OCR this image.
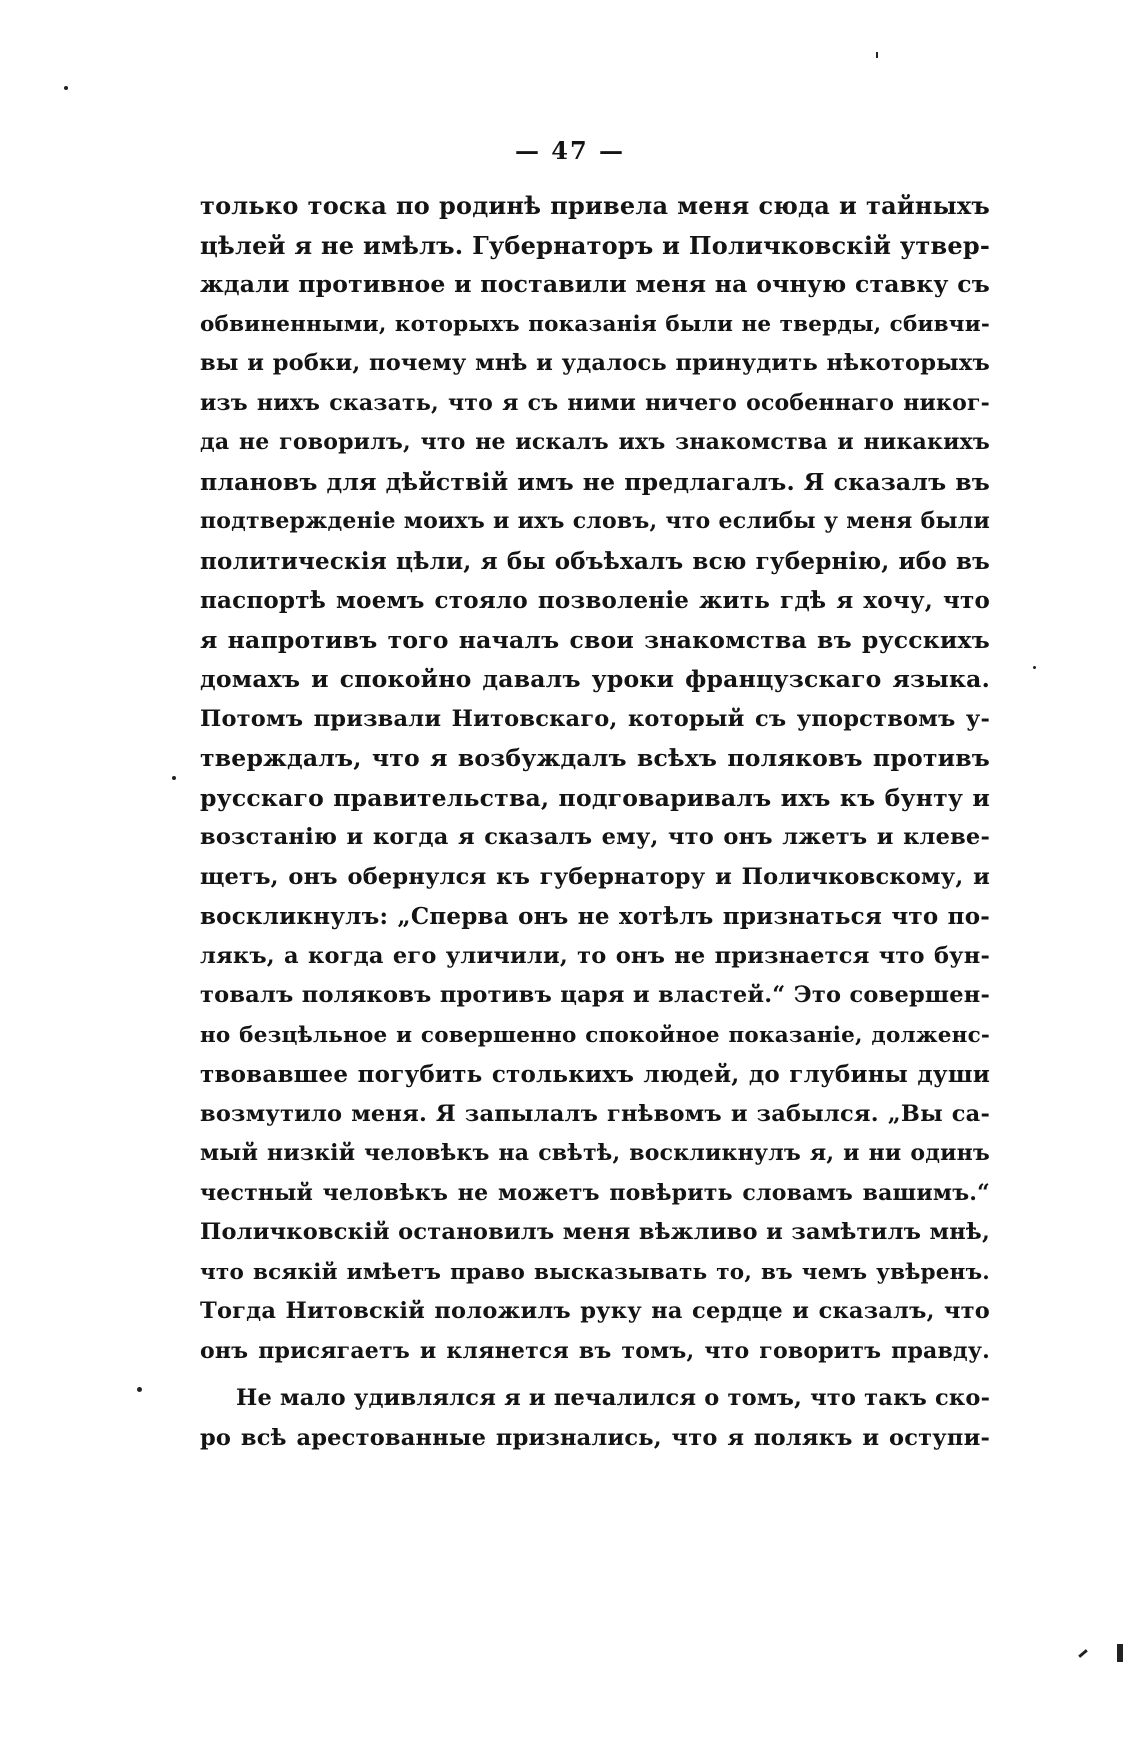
— 47 —
только тоска по родинѣ привела меня сюда и тайныхъ
цѣлей я не имѣлъ. Губернаторъ и Поличковскій утвер-
ждали противное и поставили меня на очную ставку съ
обвиненными, которыхъ показанія были не тверды, сбивчи-
вы и робки, почему мнѣ и удалось принудить нѣкоторыхъ
изъ нихъ сказать, что я съ ними ничего особеннаго никог-
да не говорилъ, что не искалъ ихъ знакомства и никакихъ
плановъ для дѣйствій имъ не предлагалъ. Я сказалъ въ
подтвержденіе моихъ и ихъ словъ, что еслибы у меня были
политическія цѣли, я бы объѣхалъ всю губернію, ибо въ
паспортѣ моемъ стояло позволеніе жить гдѣ я хочу, что
я напротивъ того началъ свои знакомства въ русскихъ
домахъ и спокойно давалъ уроки французскаго языка.
Потомъ призвали Нитовскаго, который съ упорствомъ у-
тверждалъ, что я возбуждалъ всѣхъ поляковъ противъ
русскаго правительства, подговаривалъ ихъ къ бунту и
возстанію и когда я сказалъ ему, что онъ лжетъ и клеве-
щетъ, онъ обернулся къ губернатору и Поличковскому, и
воскликнулъ: „Сперва онъ не хотѣлъ признаться что по-
лякъ, а когда его уличили, то онъ не признается что бун-
товалъ поляковъ противъ царя и властей.“ Это совершен-
но безцѣльное и совершенно спокойное показаніе, долженс-
твовавшее погубить столькихъ людей, до глубины души
возмутило меня. Я запылалъ гнѣвомъ и забылся. „Вы са-
мый низкій человѣкъ на свѣтѣ, воскликнулъ я, и ни одинъ
честный человѣкъ не можетъ повѣрить словамъ вашимъ.“
Поличковскій остановилъ меня вѣжливо и замѣтилъ мнѣ,
что всякій имѣетъ право высказывать то, въ чемъ увѣренъ.
Тогда Нитовскій положилъ руку на сердце и сказалъ, что
онъ присягаетъ и клянется въ томъ, что говоритъ правду.
Не мало удивлялся я и печалился о томъ, что такъ ско-
ро всѣ арестованные признались, что я полякъ и оступи-
